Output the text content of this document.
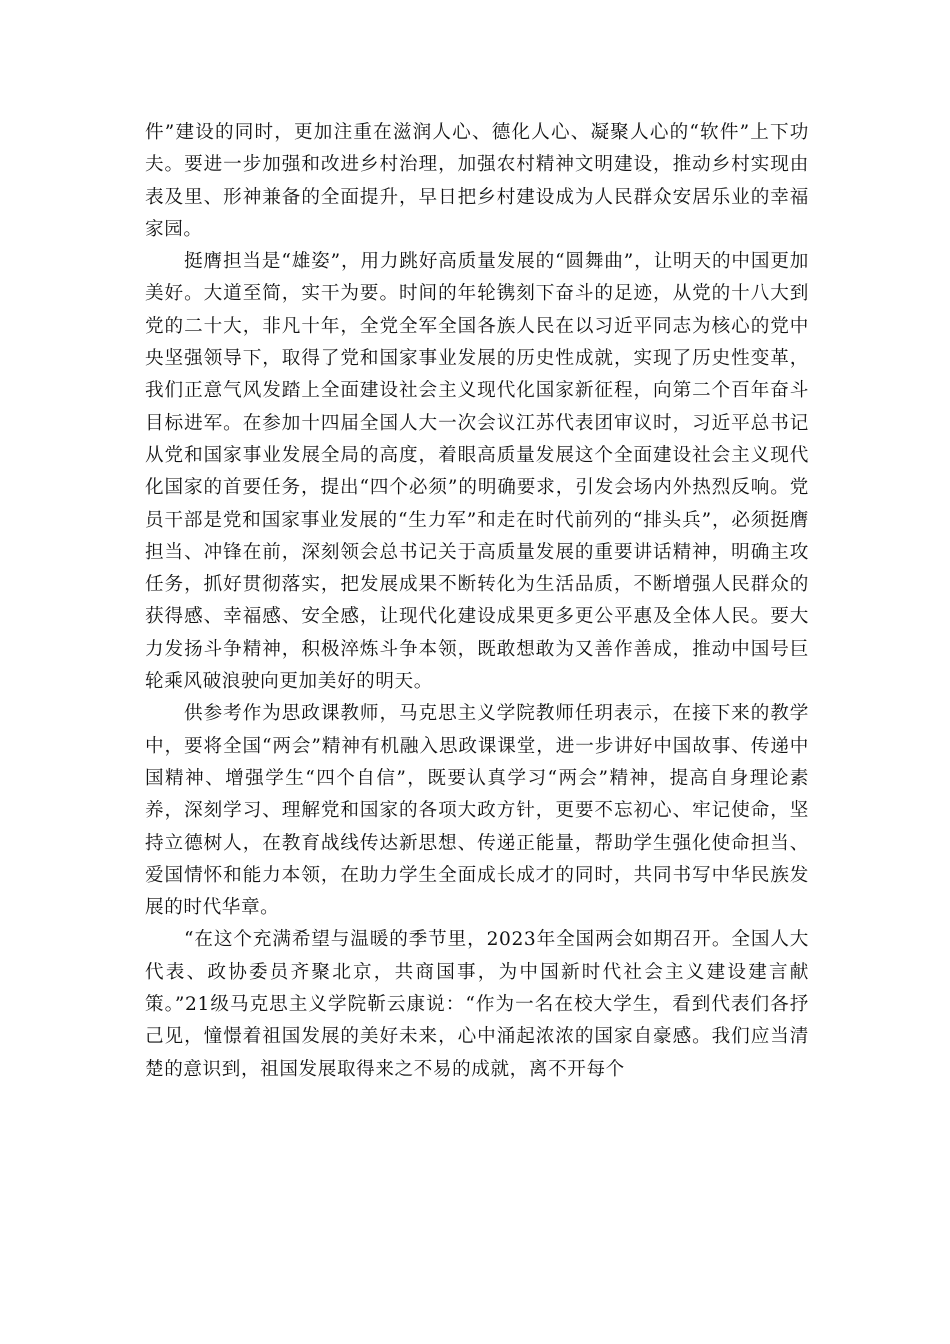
件”建设的同时，更加注重在滋润人心、德化人心、凝聚人心的“软件”上下功夫。要进一步加强和改进乡村治理，加强农村精神文明建设，推动乡村实现由表及里、形神兼备的全面提升，早日把乡村建设成为人民群众安居乐业的幸福家园。

挺膺担当是“雄姿”，用力跳好高质量发展的“圆舞曲”，让明天的中国更加美好。大道至简，实干为要。时间的年轮镌刻下奋斗的足迹，从党的十八大到党的二十大，非凡十年，全党全军全国各族人民在以习近平同志为核心的党中央坚强领导下，取得了党和国家事业发展的历史性成就，实现了历史性变革，我们正意气风发踏上全面建设社会主义现代化国家新征程，向第二个百年奋斗目标进军。在参加十四届全国人大一次会议江苏代表团审议时，习近平总书记从党和国家事业发展全局的高度，着眼高质量发展这个全面建设社会主义现代化国家的首要任务，提出“四个必须”的明确要求，引发会场内外热烈反响。党员干部是党和国家事业发展的“生力军”和走在时代前列的“排头兵”，必须挺膺担当、冲锋在前，深刻领会总书记关于高质量发展的重要讲话精神，明确主攻任务，抓好贯彻落实，把发展成果不断转化为生活品质，不断增强人民群众的获得感、幸福感、安全感，让现代化建设成果更多更公平惠及全体人民。要大力发扬斗争精神，积极淬炼斗争本领，既敢想敢为又善作善成，推动中国号巨轮乘风破浪驶向更加美好的明天。

供参考作为思政课教师，马克思主义学院教师任玥表示，在接下来的教学中，要将全国“两会”精神有机融入思政课课堂，进一步讲好中国故事、传递中国精神、增强学生“四个自信”，既要认真学习“两会”精神，提高自身理论素养，深刻学习、理解党和国家的各项大政方针，更要不忘初心、牢记使命，坚持立德树人，在教育战线传达新思想、传递正能量，帮助学生强化使命担当、爱国情怀和能力本领，在助力学生全面成长成才的同时，共同书写中华民族发展的时代华章。

“在这个充满希望与温暖的季节里，2023年全国两会如期召开。全国人大代表、政协委员齐聚北京，共商国事，为中国新时代社会主义建设建言献策。”21级马克思主义学院靳云康说：“作为一名在校大学生，看到代表们各抒己见，憧憬着祖国发展的美好未来，心中涌起浓浓的国家自豪感。我们应当清楚的意识到，祖国发展取得来之不易的成就，离不开每个
